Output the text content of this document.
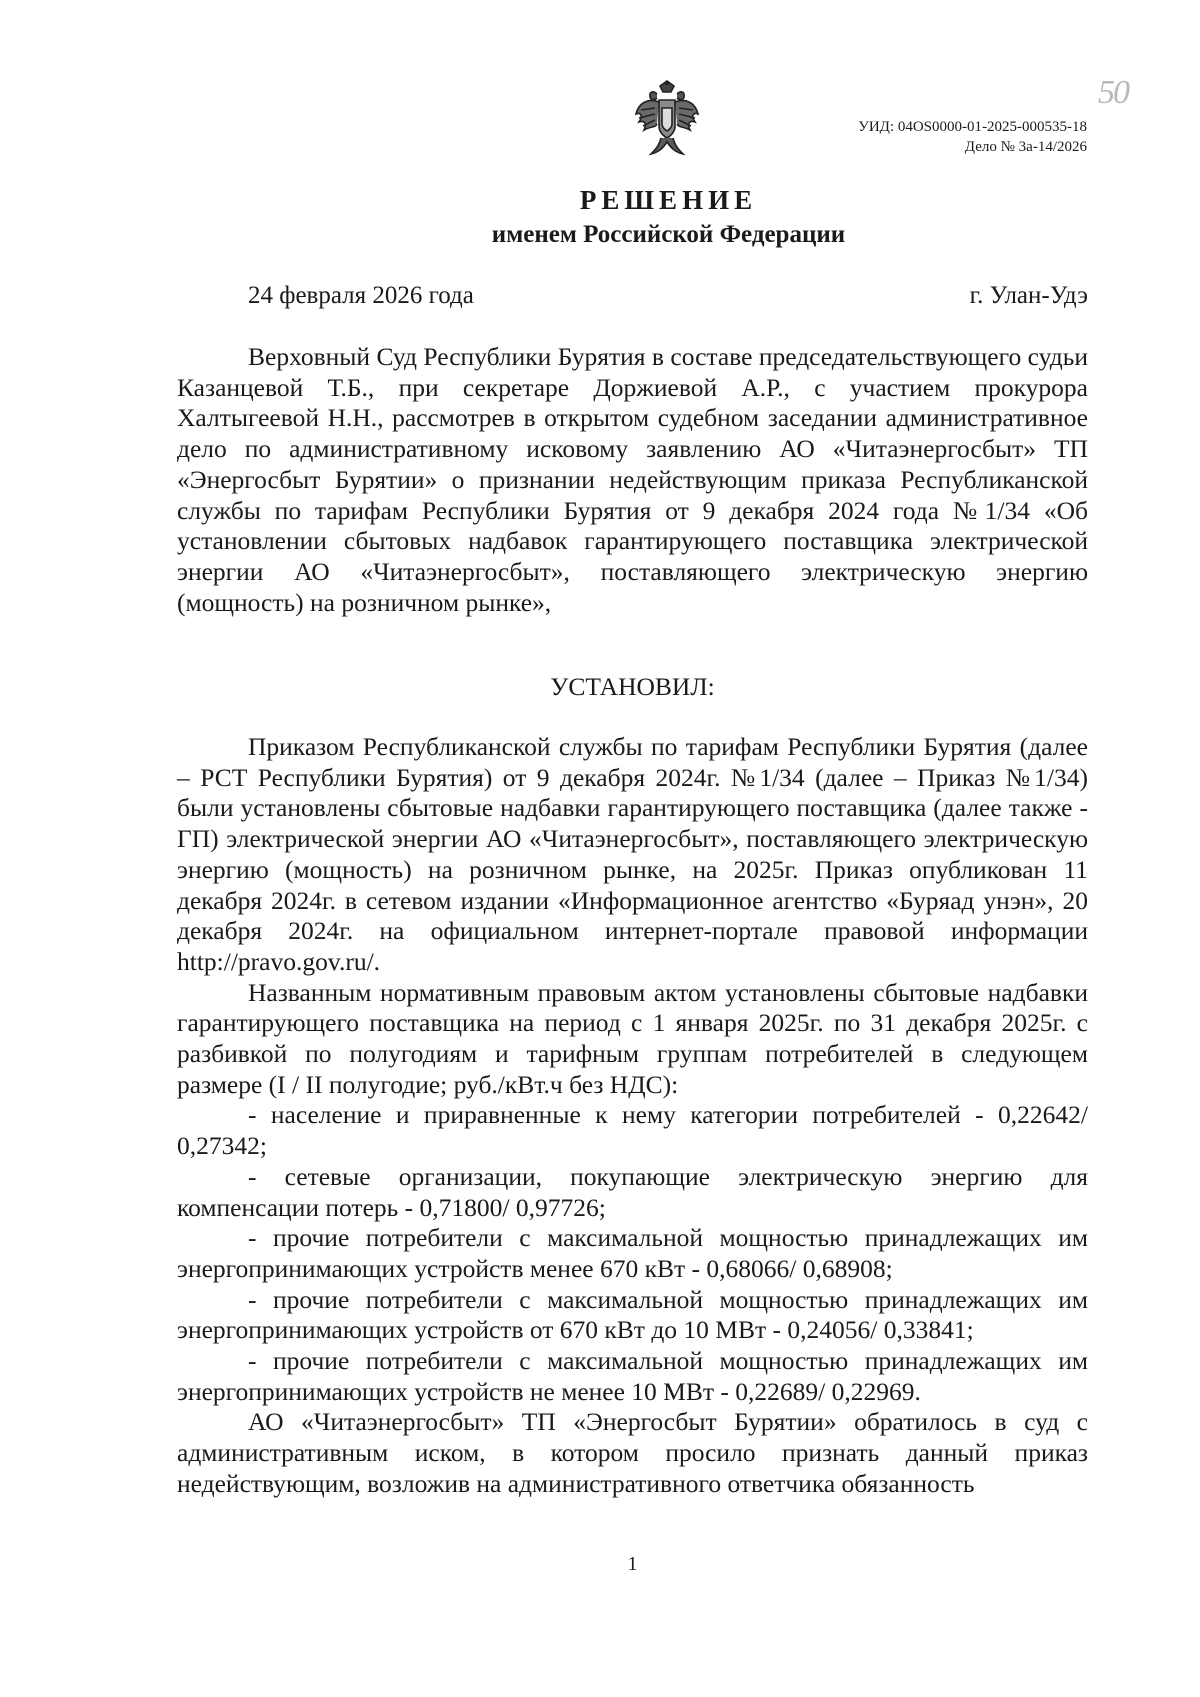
50
УИД: 04OS0000-01-2025-000535-18
Дело № 3а-14/2026
РЕШЕНИЕ
именем Российской Федерации
24 февраля 2026 года	г. Улан-Удэ

Верховный Суд Республики Бурятия в составе председательствующего судьи Казанцевой Т.Б., при секретаре Доржиевой А.Р., с участием прокурора Халтыгеевой Н.Н., рассмотрев в открытом судебном заседании административное дело по административному исковому заявлению АО «Читаэнергосбыт» ТП «Энергосбыт Бурятии» о признании недействующим приказа Республиканской службы по тарифам Республики Бурятия от 9 декабря 2024 года №1/34 «Об установлении сбытовых надбавок гарантирующего поставщика электрической энергии АО «Читаэнергосбыт», поставляющего электрическую энергию (мощность) на розничном рынке»,

УСТАНОВИЛ:

Приказом Республиканской службы по тарифам Республики Бурятия (далее – РСТ Республики Бурятия) от 9 декабря 2024г. №1/34 (далее – Приказ №1/34) были установлены сбытовые надбавки гарантирующего поставщика (далее также - ГП) электрической энергии АО «Читаэнергосбыт», поставляющего электрическую энергию (мощность) на розничном рынке, на 2025г. Приказ опубликован 11 декабря 2024г. в сетевом издании «Информационное агентство «Буряад унэн», 20 декабря 2024г. на официальном интернет-портале правовой информации http://pravo.gov.ru/.

Названным нормативным правовым актом установлены сбытовые надбавки гарантирующего поставщика на период с 1 января 2025г. по 31 декабря 2025г. с разбивкой по полугодиям и тарифным группам потребителей в следующем размере (I / II полугодие; руб./кВт.ч без НДС):

- население и приравненные к нему категории потребителей - 0,22642/ 0,27342;

- сетевые организации, покупающие электрическую энергию для компенсации потерь - 0,71800/ 0,97726;

- прочие потребители с максимальной мощностью принадлежащих им энергопринимающих устройств менее 670 кВт - 0,68066/ 0,68908;

- прочие потребители с максимальной мощностью принадлежащих им энергопринимающих устройств от 670 кВт до 10 МВт - 0,24056/ 0,33841;

- прочие потребители с максимальной мощностью принадлежащих им энергопринимающих устройств не менее 10 МВт - 0,22689/ 0,22969.

АО «Читаэнергосбыт» ТП «Энергосбыт Бурятии» обратилось в суд с административным иском, в котором просило признать данный приказ недействующим, возложив на административного ответчика обязанность

1
